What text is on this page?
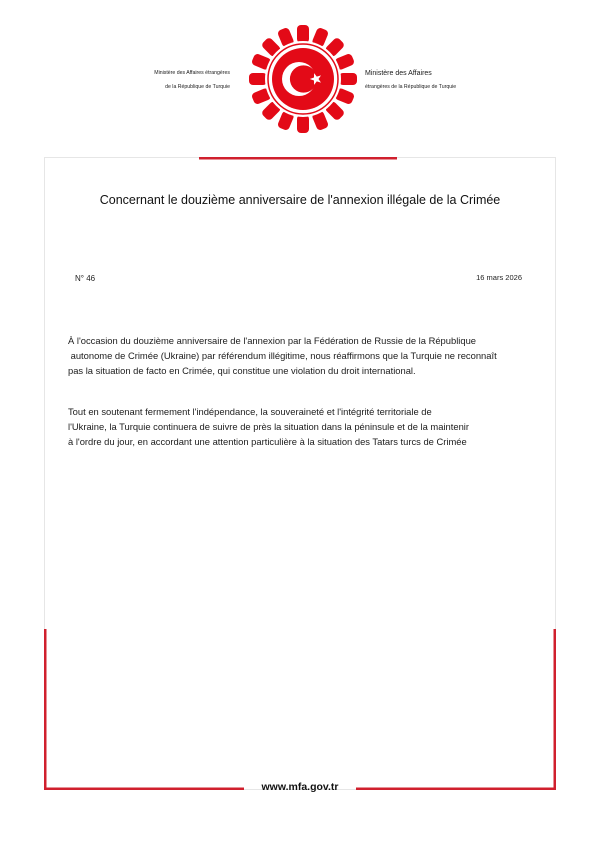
Ministère des Affaires étrangères
de la République de Turquie
Ministère des Affaires
étrangères de la République de Turquie
Concernant le douzième anniversaire de l'annexion illégale de la Crimée
N° 46	16 mars 2026
À l'occasion du douzième anniversaire de l'annexion par la Fédération de Russie de la République
autonome de Crimée (Ukraine) par référendum illégitime, nous réaffirmons que la Turquie ne reconnaît
pas la situation de facto en Crimée, qui constitue une violation du droit international.
Tout en soutenant fermement l'indépendance, la souveraineté et l'intégrité territoriale de
l'Ukraine, la Turquie continuera de suivre de près la situation dans la péninsule et de la maintenir
à l'ordre du jour, en accordant une attention particulière à la situation des Tatars turcs de Crimée
www.mfa.gov.tr
